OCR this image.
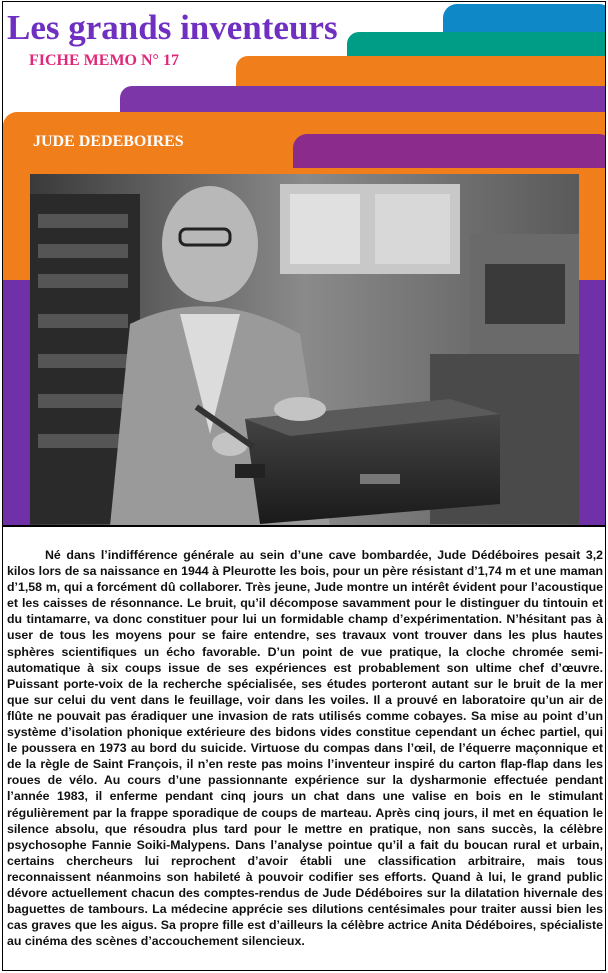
Les grands inventeurs
FICHE MEMO N° 17
JUDE DEDEBOIRES

Né dans l’indifférence générale au sein d’une cave bombardée, Jude Dédéboires pesait 3,2 kilos lors de sa naissance en 1944 à Pleurotte les bois, pour un père résistant d’1,74 m et une maman d’1,58 m, qui a forcément dû collaborer. Très jeune, Jude montre un intérêt évident pour l’acoustique et les caisses de résonnance. Le bruit, qu’il décompose savamment pour le distinguer du tintouin et du tintamarre, va donc constituer pour lui un formidable champ d’expérimentation. N’hésitant pas à user de tous les moyens pour se faire entendre, ses travaux vont trouver dans les plus hautes sphères scientifiques un écho favorable. D’un point de vue pratique, la cloche chromée semi-automatique à six coups issue de ses expériences est probablement son ultime chef d’œuvre. Puissant porte-voix de la recherche spécialisée, ses études porteront autant sur le bruit de la mer que sur celui du vent dans le feuillage, voir dans les voiles. Il a prouvé en laboratoire qu’un air de flûte ne pouvait pas éradiquer une invasion de rats utilisés comme cobayes. Sa mise au point d’un système d’isolation phonique extérieure des bidons vides constitue cependant un échec partiel, qui le poussera en 1973 au bord du suicide. Virtuose du compas dans l’œil, de l’équerre maçonnique et de la règle de Saint François, il n’en reste pas moins l’inventeur inspiré du carton flap-flap dans les roues de vélo. Au cours d’une passionnante expérience sur la dysharmonie effectuée pendant l’année 1983, il enferme pendant cinq jours un chat dans une valise en bois en le stimulant régulièrement par la frappe sporadique de coups de marteau. Après cinq jours, il met en équation le silence absolu, que résoudra plus tard pour le mettre en pratique, non sans succès, la célèbre psychosophe Fannie Soiki-Malypens. Dans l’analyse pointue qu’il a fait du boucan rural et urbain, certains chercheurs lui reprochent d’avoir établi une classification arbitraire, mais tous reconnaissent néanmoins son habileté à pouvoir codifier ses efforts. Quand à lui, le grand public dévore actuellement chacun des comptes-rendus de Jude Dédéboires sur la dilatation hivernale des baguettes de tambours. La médecine apprécie ses dilutions centésimales pour traiter aussi bien les cas graves que les aigus. Sa propre fille est d’ailleurs la célèbre actrice Anita Dédéboires, spécialiste au cinéma des scènes d’accouchement silencieux.
